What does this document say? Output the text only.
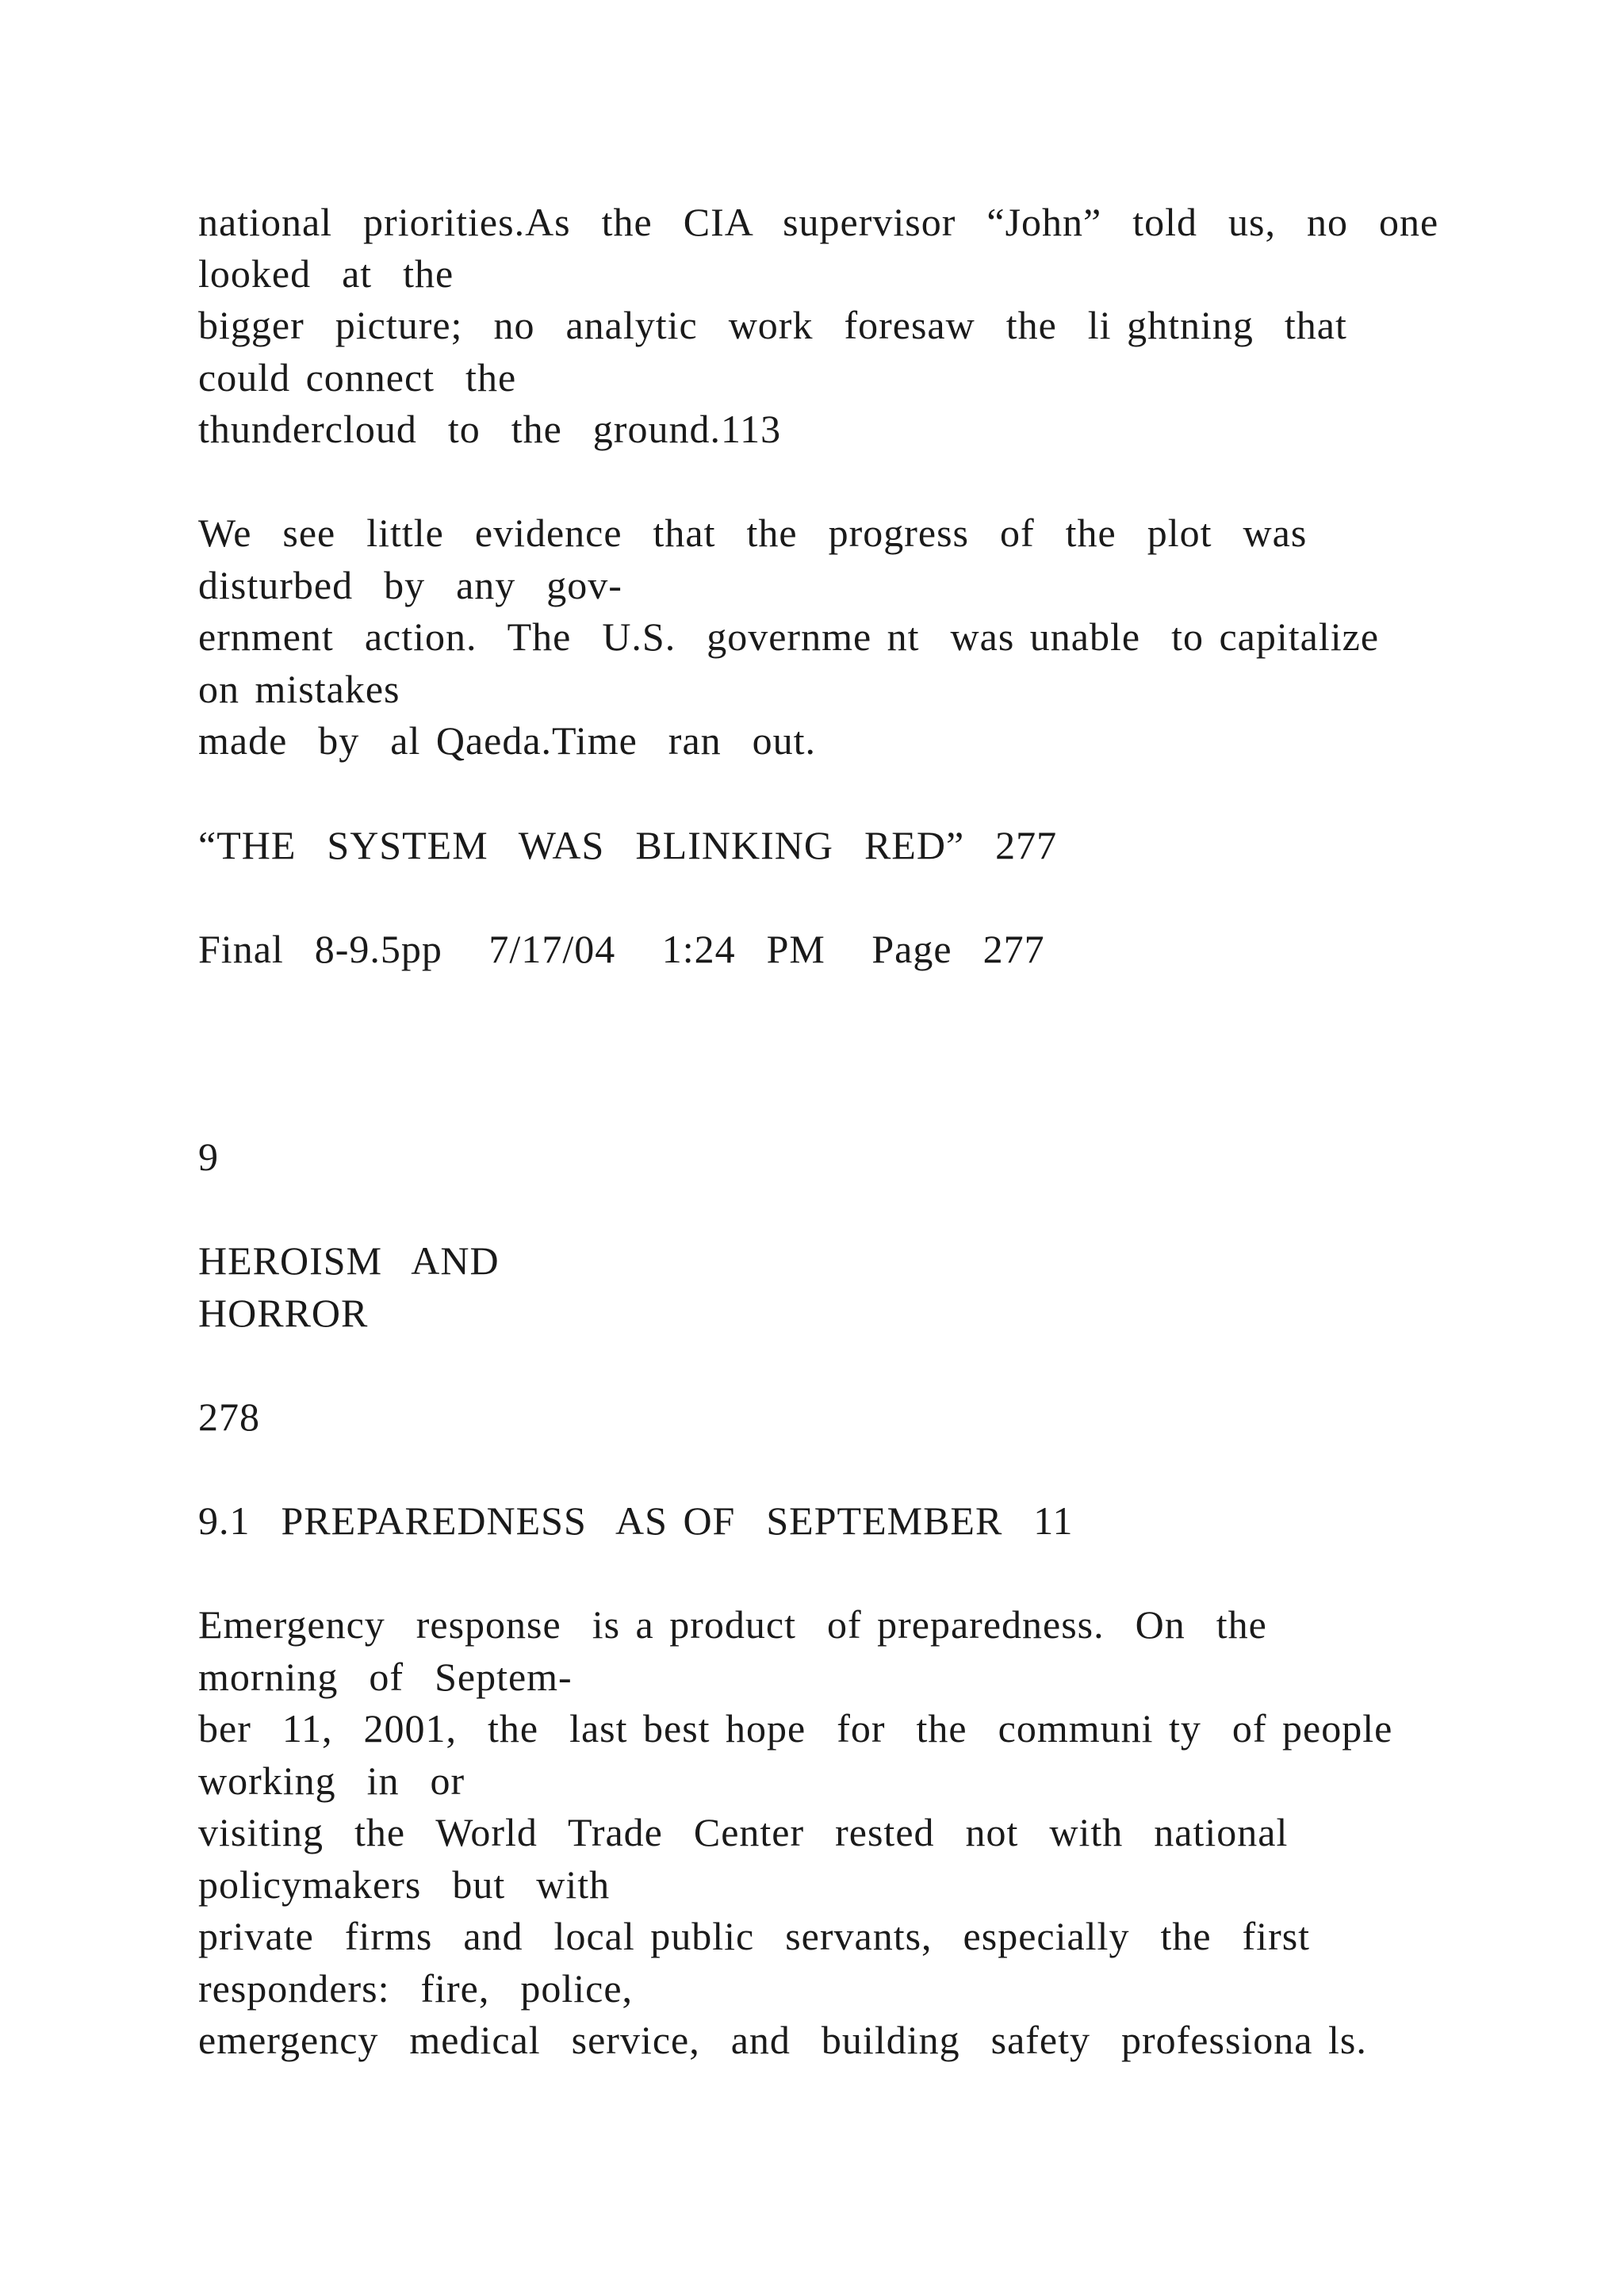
national  priorities.As  the  CIA  supervisor  “John”  told  us,  no  one

looked  at  the

bigger  picture;  no  analytic  work  foresaw  the  li ghtning  that

could connect  the

thundercloud  to  the  ground.113

We  see  little  evidence  that  the  progress  of  the  plot  was

disturbed  by  any  gov-

ernment  action.  The  U.S.  governme nt  was unable  to capitalize

on mistakes

made  by  al Qaeda.Time  ran  out.

“THE  SYSTEM  WAS  BLINKING  RED”  277

Final  8-9.5pp   7/17/04   1:24  PM   Page  277

9

HEROISM  AND

HORROR

278

9.1  PREPAREDNESS  AS OF  SEPTEMBER  11

Emergency  response  is a product  of preparedness.  On  the

morning  of  Septem-

ber  11,  2001,  the  last best hope  for  the  communi ty  of people

working  in  or

visiting  the  World  Trade  Center  rested  not  with  national

policymakers  but  with

private  firms  and  local public  servants,  especially  the  first

responders:  fire,  police,

emergency  medical  service,  and  building  safety  professiona ls.
